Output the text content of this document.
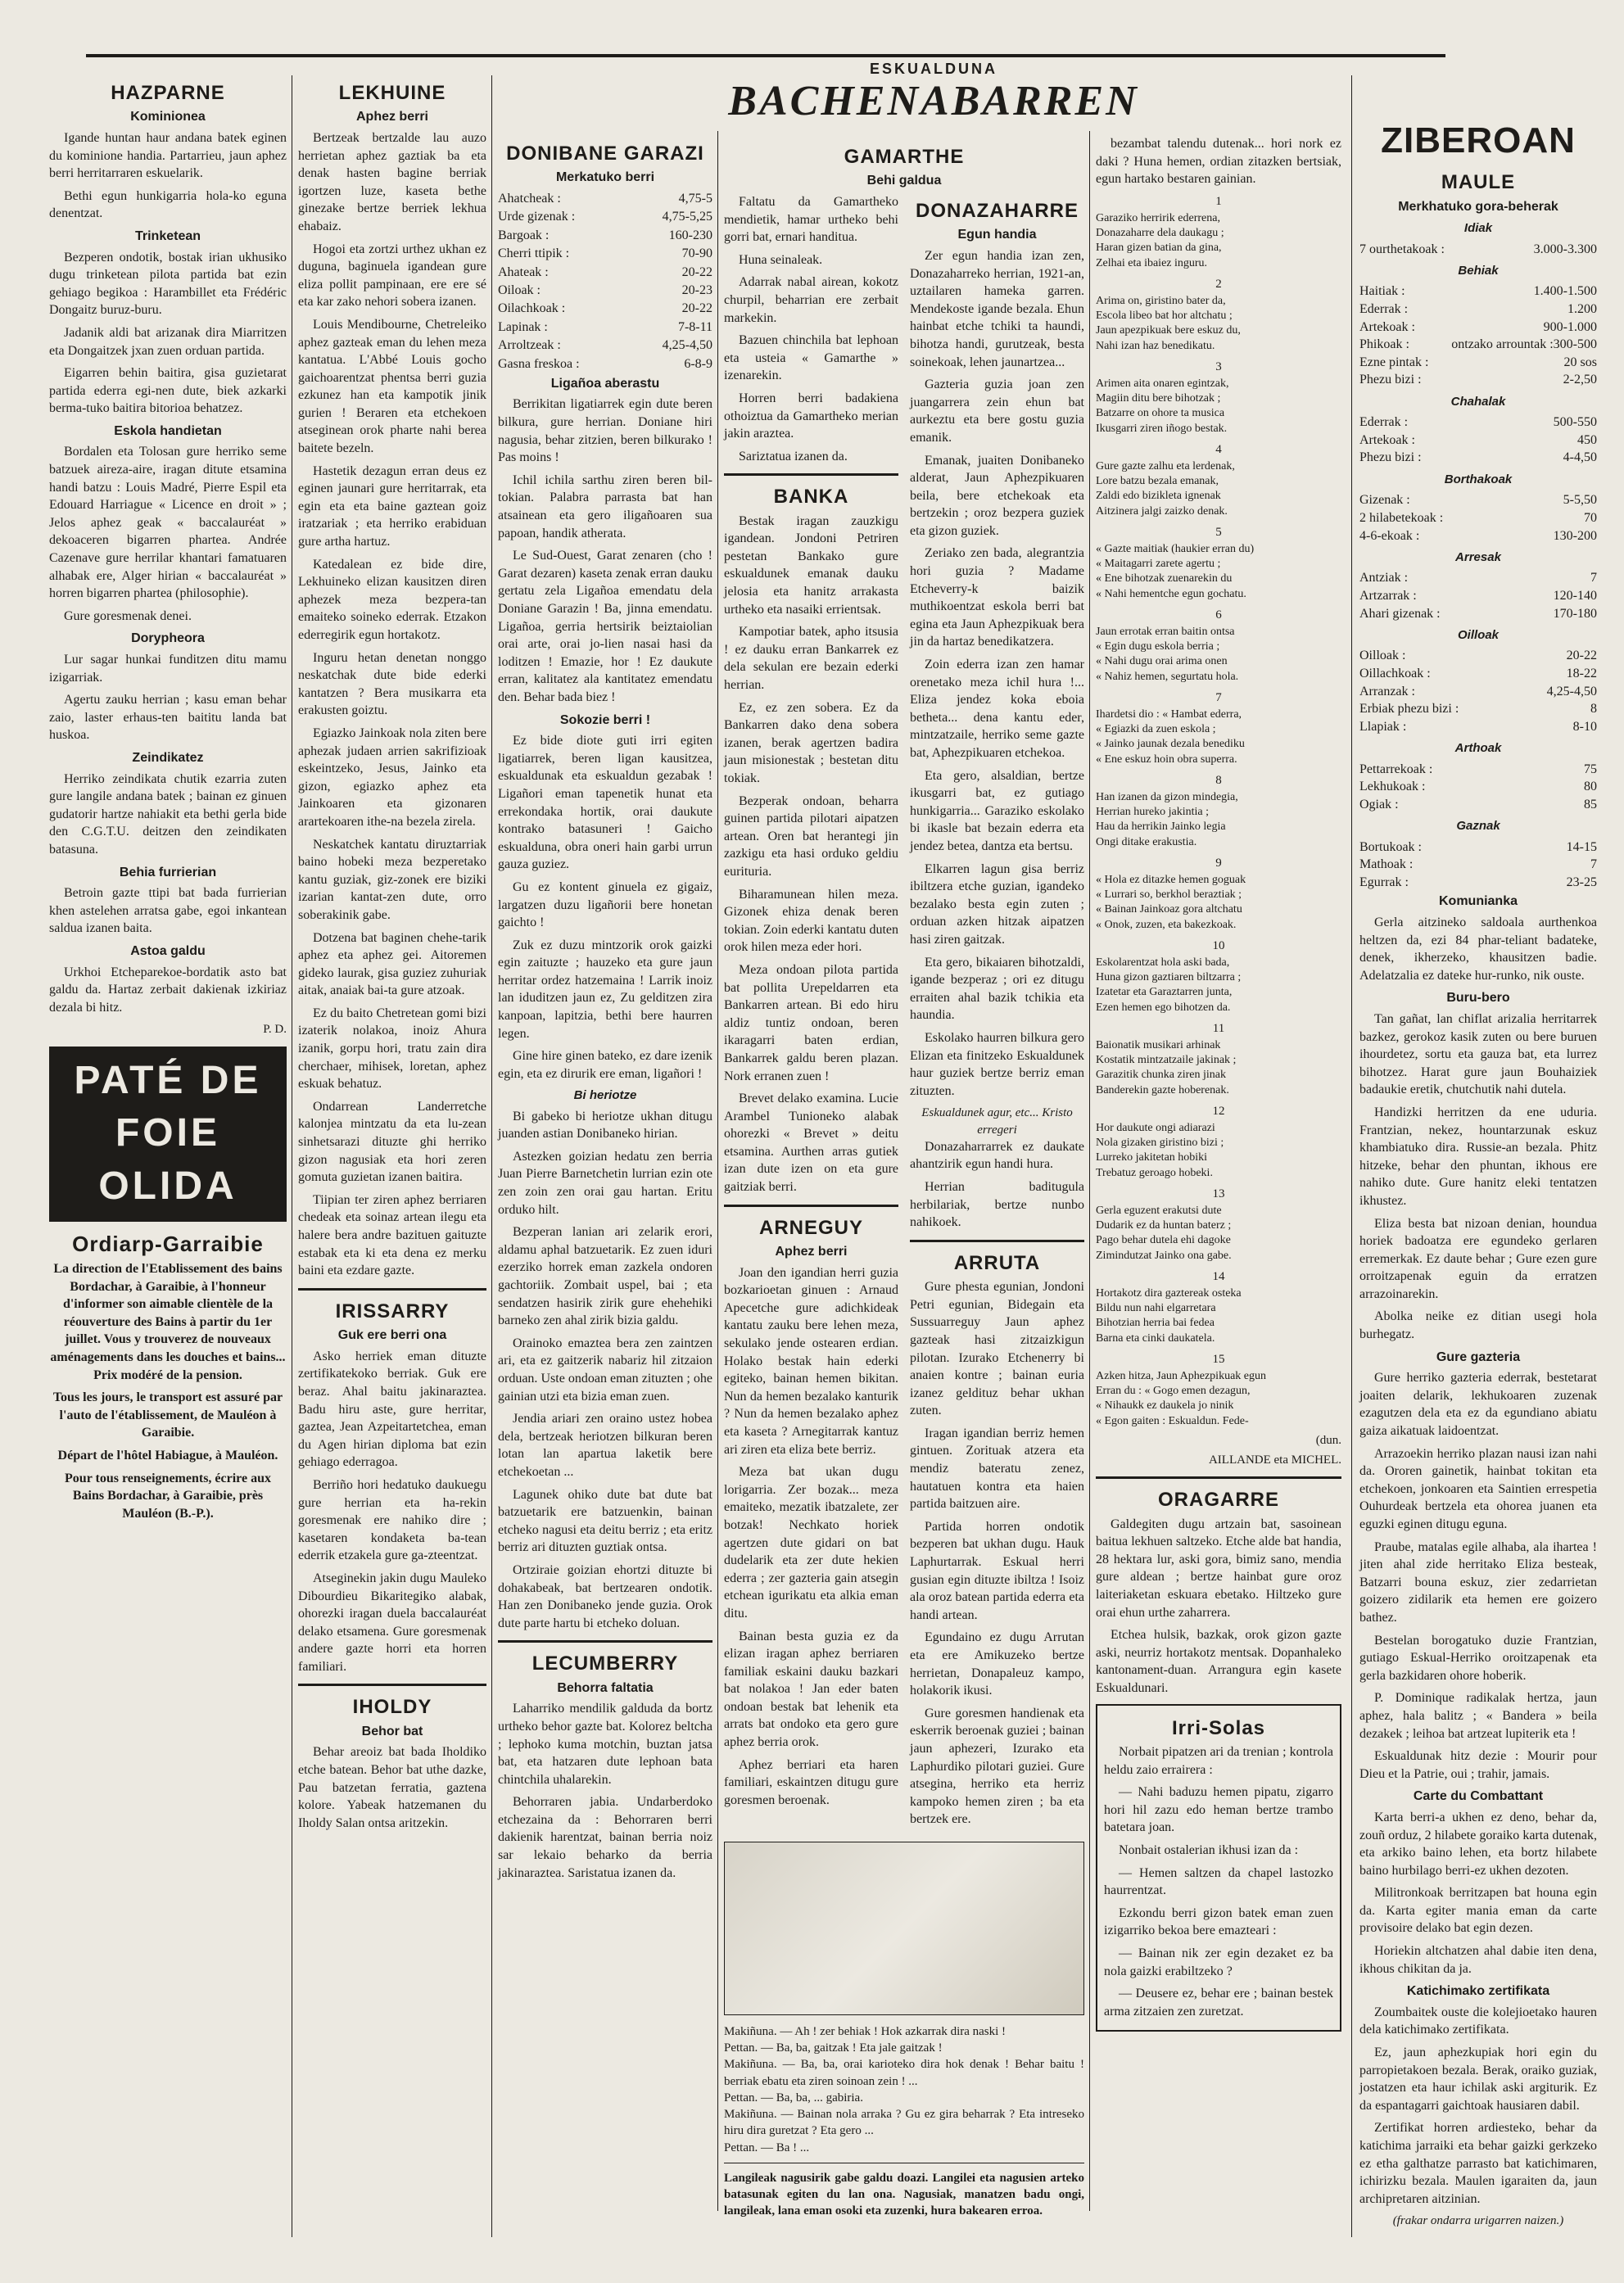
ESKUALDUNA
BACHENABARREN
HAZPARNE
Kominionea

Igande huntan haur andana batek eginen du kominione handia. Partarrieu, jaun aphez berri herritarraren eskuelarik.

Bethi egun hunkigarria hola-ko eguna denentzat.

Trinketean

Bezperen ondotik, bostak irian ukhusiko dugu trinketean pilota partida bat ezin gehiago begikoa : Harambillet eta Frédéric Dongaitz buruz-buru.

Jadanik aldi bat arizanak dira Miarritzen eta Dongaitzek jxan zuen orduan partida.

Eigarren behin baitira, gisa guzietarat partida ederra egi-nen dute, biek azkarki berma-tuko baitira bitorioa behatzez.

Eskola handietan

Bordalen eta Tolosan gure herriko seme batzuek aireza-aire, iragan ditute etsamina handi batzu : Louis Madré, Pierre Espil eta Edouard Harriague « Licence en droit » ; Jelos aphez geak « baccalauréat » dekoaceren bigarren phartea. Andrée Cazenave gure herrilar khantari famatuaren alhabak ere, Alger hirian « baccalauréat » horren bigarren phartea (philosophie).

Gure goresmenak denei.

Dorypheora

Lur sagar hunkai funditzen ditu mamu izigarriak.

Agertu zauku herrian ; kasu eman behar zaio, laster erhaus-ten baititu landa bat huskoa.

Zeindikatez

Herriko zeindikata chutik ezarria zuten gure langile andana batek ; bainan ez ginuen gudatorir hartze nahiakit eta bethi gerla bide den C.G.T.U. deitzen den zeindikaten batasuna.

Behia furrierian

Betroin gazte ttipi bat bada furrierian khen astelehen arratsa gabe, egoi inkantean saldua izanen baita.

Astoa galdu

Urkhoi Etcheparekoe-bordatik asto bat galdu da. Hartaz zerbait dakienak izkiriaz dezala bi hitz.

P. D.
PATÉ DE FOIE OLIDA
Ordiarp-Garraibie

La direction de l'Etablissement des bains Bordachar, à Garaibie, à l'honneur d'informer son aimable clientèle de la réouverture des Bains à partir du 1er juillet. Vous y trouverez de nouveaux aménagements dans les douches et bains... Prix modéré de la pension.

Tous les jours, le transport est assuré par l'auto de l'établissement, de Mauléon à Garaibie.

Départ de l'hôtel Habiague, à Mauléon.

Pour tous renseignements, écrire aux Bains Bordachar, à Garaibie, près Mauléon (B.-P.).

LEKHUINE
Aphez berri

Bertzeak bertzalde lau auzo herrietan aphez gaztiak ba eta denak hasten bagine berriak igortzen luze, kaseta bethe ginezake bertze berriek lekhua ehabaiz.

Hogoi eta zortzi urthez ukhan ez duguna, baginuela igandean gure eliza pollit pampinaan, ere ere sé eta kar zako nehori sobera izanen.

Louis Mendibourne, Chetreleiko aphez gazteak eman du lehen meza kantatua. L'Abbé Louis gocho gaichoarentzat phentsa berri guzia ezkunez han eta kampotik jinik gurien ! Beraren eta etchekoen atseginean orok pharte nahi berea baitete bezeln.

Hastetik dezagun erran deus ez eginen jaunari gure herritarrak, eta egin eta eta baine gaztean goiz iratzariak ; eta herriko erabiduan gure artha hartuz.

Katedalean ez bide dire, Lekhuineko elizan kausitzen diren aphezek meza bezpera-tan emaiteko soineko ederrak. Etzakon ederregirik egun hortakotz.

Inguru hetan denetan nonggo neskatchak dute bide ederki kantatzen ? Bera musikarra eta erakusten goiztu.

Egiazko Jainkoak nola ziten bere aphezak judaen arrien sakrifizioak eskeintzeko, Jesus, Jainko eta gizon, egiazko aphez eta Jainkoaren eta gizonaren arartekoaren ithe-na bezela zirela.

Neskatchek kantatu diruztarriak baino hobeki meza bezperetako kantu guziak, giz-zonek ere biziki izarian kantat-zen dute, orro soberakinik gabe.

Dotzena bat baginen chehe-tarik aphez eta aphez gei. Aitoremen gideko laurak, gisa guziez zuhuriak aitak, anaiak bai-ta gure atzoak.

Ez du baito Chetretean gomi bizi izaterik nolakoa, inoiz Ahura izanik, gorpu hori, tratu zain dira cherchaer, mihisek, loretan, aphez eskuak behatuz.

Ondarrean Landerretche kalonjea mintzatu da eta lu-zean sinhetsarazi dituzte ghi herriko gizon nagusiak eta hori zeren gomuta guzietan izanen baitira.

Tiipian ter ziren aphez berriaren chedeak eta soinaz artean ilegu eta halere bera andre bazituen gaituzte estabak eta ki eta dena ez merku baini eta ezdare gazte.

IRISSARRY
Guk ere berri ona

Asko herriek eman dituzte zertifikatekoko berriak. Guk ere beraz. Ahal baitu jakinaraztea. Badu hiru aste, gure herritar, gaztea, Jean Azpeitartetchea, eman du Agen hirian diploma bat ezin gehiago ederragoa.

Berriño hori hedatuko daukuegu gure herrian eta ha-rekin goresmenak ere nahiko dire ; kasetaren kondaketa ba-tean ederrik etzakela gure ga-zteentzat.

Atseginekin jakin dugu Mauleko Dibourdieu Bikaritegiko alabak, ohorezki iragan duela baccalauréat delako etsamena. Gure goresmenak andere gazte horri eta horren familiari.

IHOLDY
Behor bat

Behar areoiz bat bada Iholdiko etche batean. Behor bat uthe dazke, Pau batzetan ferratia, gaztena kolore. Yabeak hatzemanen du Iholdy Salan ontsa aritzekin.

DONIBANE GARAZI
Merkatuko berri
Ahatcheak :	4,75-5
Urde gizenak :	4,75-5,25
Bargoak :	160-230
Cherri ttipik :	70-90
Ahateak :	20-22
Oiloak :	20-23
Oilachkoak :	20-22
Lapinak :	7-8-11
Arroltzeak :	4,25-4,50
Gasna freskoa :	6-8-9
Ligañoa aberastu

Berrikitan ligatiarrek egin dute beren bilkura, gure herrian. Doniane hiri nagusia, behar zitzien, beren bilkurako ! Pas moins !

Ichil ichila sarthu ziren beren bil-tokian. Palabra parrasta bat han atsainean eta gero iligañoaren sua papoan, handik atherata.

Le Sud-Ouest, Garat zenaren (cho ! Garat dezaren) kaseta zenak erran dauku gertatu zela Ligañoa emendatu dela Doniane Garazin ! Ba, jinna emendatu. Ligañoa, gerria hertsirik beiztaiolian orai arte, orai jo-lien nasai hasi da loditzen ! Emazie, hor ! Ez daukute erran, kalitatez ala kantitatez emendatu den. Behar bada biez !

Sokozie berri !

Ez bide diote guti irri egiten ligatiarrek, beren ligan kausitzea, eskualdunak eta eskualdun gezabak ! Ligañori eman tapenetik hunat eta errekondaka hortik, orai daukute kontrako batasuneri ! Gaicho eskualduna, obra oneri hain garbi urrun gauza guziez.

Gu ez kontent ginuela ez gigaiz, largatzen duzu ligañorii bere honetan gaichto !

Zuk ez duzu mintzorik orok gaizki egin zaituzte ; hauzeko eta gure jaun herritar ordez hatzemaina ! Larrik inoiz lan iduditzen jaun ez, Zu gelditzen zira kanpoan, lapitzia, bethi bere haurren legen.

Gine hire ginen bateko, ez dare izenik egin, eta ez dirurik ere eman, ligañori !

Bi heriotze

Bi gabeko bi heriotze ukhan ditugu juanden astian Donibaneko hirian.

Astezken goizian hedatu zen berria Juan Pierre Barnetchetin lurrian ezin ote zen zoin zen orai gau hartan. Eritu orduko hilt.

Bezperan lanian ari zelarik erori, aldamu aphal batzuetarik. Ez zuen iduri ezerziko horrek eman zazkela ondoren gachtoriik. Zombait uspel, bai ; eta sendatzen hasirik zirik gure ehehehiki barneko zen ahal zirik bizia galdu.

Orainoko emaztea bera zen zaintzen ari, eta ez gaitzerik nabariz hil zitzaion orduan. Uste ondoan eman zituzten ; ohe gainian utzi eta bizia eman zuen.

Jendia ariari zen oraino ustez hobea dela, bertzeak heriotzen bilkuran beren lotan lan apartua laketik bere etchekoetan ...

Lagunek ohiko dute bat dute bat batzuetarik ere batzuenkin, bainan etcheko nagusi eta deitu berriz ; eta eritz berriz ari dituzten guztiak ontsa.

Ortziraie goizian ehortzi dituzte bi dohakabeak, bat bertzearen ondotik. Han zen Donibaneko jende guzia. Orok dute parte hartu bi etcheko doluan.

LECUMBERRY
Behorra faltatia

Laharriko mendilik galduda da bortz urtheko behor gazte bat. Kolorez beltcha ; lephoko kuma motchin, buztan jatsa bat, eta hatzaren dute lephoan bata chintchila uhalarekin.

Behorraren jabia. Undarberdoko etchezaina da : Behorraren berri dakienik harentzat, bainan berria noiz sar lekaio beharko da berria jakinaraztea. Saristatua izanen da.

GAMARTHE
Behi galdua

Faltatu da Gamartheko mendietik, hamar urtheko behi gorri bat, ernari handitua.

Huna seinaleak.

Adarrak nabal airean, kokotz churpil, beharrian ere zerbait markekin.

Bazuen chinchila bat lephoan eta usteia « Gamarthe » izenarekin.

Horren berri badakiena othoiztua da Gamartheko merian jakin araztea.

Sariztatua izanen da.

BANKA

Bestak iragan zauzkigu igandean. Jondoni Petriren pestetan Bankako gure eskualdunek emanak dauku jelosia eta hanitz arrakasta urtheko eta nasaiki errientsak.

Kampotiar batek, apho itsusia ! ez dauku erran Bankarrek ez dela sekulan ere bezain ederki herrian.

Ez, ez zen sobera. Ez da Bankarren dako dena sobera izanen, berak agertzen badira jaun misionestak ; bestetan ditu tokiak.

Bezperak ondoan, beharra guinen partida pilotari aipatzen artean. Oren bat herantegi jin zazkigu eta hasi orduko geldiu eurituria.

Biharamunean hilen meza. Gizonek ehiza denak beren tokian. Zoin ederki kantatu duten orok hilen meza eder hori.

Meza ondoan pilota partida bat pollita Urepeldarren eta Bankarren artean. Bi edo hiru aldiz tuntiz ondoan, beren ikaragarri baten erdian, Bankarrek galdu beren plazan. Nork erranen zuen !

Brevet delako examina. Lucie Arambel Tunioneko alabak ohorezki « Brevet » deitu etsamina. Aurthen arras gutiek izan dute izen on eta gure gaitziak berri.

ARNEGUY
Aphez berri

Joan den igandian herri guzia bozkarioetan ginuen : Arnaud Apecetche gure adichkideak kantatu zauku bere lehen meza, sekulako jende ostearen erdian. Holako bestak hain ederki egiteko, bainan hemen bikitan. Nun da hemen bezalako kanturik ? Nun da hemen bezalako aphez eta kaseta ? Arnegitarrak kantuz ari ziren eta eliza bete berriz.

Meza bat ukan dugu lorigarria. Zer bozak... meza emaiteko, mezatik ibatzalete, zer botzak! Nechkato horiek agertzen dute gidari on bat dudelarik eta zer dute hekien ederra ; zer gazteria gain atsegin etchean igurikatu eta alkia eman ditu.

Bainan besta guzia ez da elizan iragan aphez berriaren familiak eskaini dauku bazkari bat nolakoa ! Jan eder baten ondoan bestak bat lehenik eta arrats bat ondoko eta gero gure aphez berria orok.

Aphez berriari eta haren familiari, eskaintzen ditugu gure goresmen beroenak.

DONAZAHARRE
Egun handia

Zer egun handia izan zen, Donazaharreko herrian, 1921-an, uztailaren hameka garren. Mendekoste igande bezala. Ehun hainbat etche tchiki ta haundi, bihotza handi, gurutzeak, besta soinekoak, lehen jaunartzea...

Gazteria guzia joan zen juangarrera zein ehun bat aurkeztu eta bere gostu guzia emanik.

Emanak, juaiten Donibaneko alderat, Jaun Aphezpikuaren beila, bere etchekoak eta bertzekin ; oroz bezpera guziek eta gizon guziek.

Zeriako zen bada, alegrantzia hori guzia ? Madame Etcheverry-k baizik muthikoentzat eskola berri bat egina eta Jaun Aphezpikuak bera jin da hartaz benedikatzera.

Zoin ederra izan zen hamar orenetako meza ichil hura !... Eliza jendez koka eboia betheta... dena kantu eder, mintzatzaile, herriko seme gazte bat, Aphezpikuaren etchekoa.

Eta gero, alsaldian, bertze ikusgarri bat, ez gutiago hunkigarria... Garaziko eskolako bi ikasle bat bezain ederra eta jendez betea, dantza eta bertsu.

Elkarren lagun gisa berriz ibiltzera etche guzian, igandeko bezalako besta egin zuten ; orduan azken hitzak aipatzen hasi ziren gaitzak.

Eta gero, bikaiaren bihotzaldi, igande bezperaz ; ori ez ditugu erraiten ahal bazik tchikia eta haundia.

Eskolako haurren bilkura gero Elizan eta finitzeko Eskualdunek haur guziek bertze berriz eman zituzten.

Eskualdunek agur, etc... Kristo erregeri

Donazaharrarrek ez daukate ahantzirik egun handi hura.

Herrian baditugula herbilariak, bertze nunbo nahikoek.

ARRUTA

Gure phesta egunian, Jondoni Petri egunian, Bidegain eta Sussuarreguy Jaun aphez gazteak hasi zitzaizkigun pilotan. Izurako Etchenerry bi anaien kontre ; bainan euria izanez geldituz behar ukhan zuten.

Iragan igandian berriz hemen gintuen. Zorituak atzera eta mendiz bateratu zenez, hautatuen kontra eta haien partida baitzuen aire.

Partida horren ondotik bezperen bat ukhan dugu. Hauk Laphurtarrak. Eskual herri gusian egin dituzte ibiltza ! Isoiz ala oroz batean partida ederra eta handi artean.

Egundaino ez dugu Arrutan eta ere Amikuzeko bertze herrietan, Donapaleuz kampo, holakorik ikusi.

Gure goresmen handienak eta eskerrik beroenak guziei ; bainan jaun aphezeri, Izurako eta Laphurdiko pilotari guziei. Gure atsegina, herriko eta herriz kampoko hemen ziren ; ba eta bertzek ere.

Makiñuna. — Ah ! zer behiak ! Hok azkarrak dira naski !
Pettan. — Ba, ba, gaitzak ! Eta jale gaitzak !
Makiñuna. — Ba, ba, orai karioteko dira hok denak ! Behar baitu ! berriak ebatu eta ziren soinoan zein ! ...
Pettan. — Ba, ba, ... gabiria.
Makiñuna. — Bainan nola arraka ? Gu ez gira beharrak ? Eta intreseko hiru dira guretzat ? Eta gero ...
Pettan. — Ba ! ...
Langileak nagusirik gabe galdu doazi. Langilei eta nagusien arteko batasunak egiten du lan ona. Nagusiak, manatzen badu ongi, langileak, lana eman osoki eta zuzenki, hura bakearen erroa.

bezambat talendu dutenak... hori nork ez daki ? Huna hemen, ordian zitazken bertsiak, egun hartako bestaren gainian.

1
Garaziko herririk ederrena,
Donazaharre dela daukagu ;
Haran gizen batian da gina,
Zelhai eta ibaiez inguru.
2
Arima on, giristino bater da,
Escola libeo bat hor altchatu ;
Jaun apezpikuak bere eskuz du,
Nahi izan haz benedikatu.
3
Arimen aita onaren egintzak,
Magiin ditu bere bihotzak ;
Batzarre on ohore ta musica
Ikusgarri ziren iñogo bestak.
4
Gure gazte zalhu eta lerdenak,
Lore batzu bezala emanak,
Zaldi edo bizikleta ignenak
Aitzinera jalgi zaizko denak.
5
« Gazte maitiak (haukier erran du)
« Maitagarri zarete agertu ;
« Ene bihotzak zuenarekin du
« Nahi hementche egun gochatu.
6
Jaun errotak erran baitin ontsa
« Egin dugu eskola berria ;
« Nahi dugu orai arima onen
« Nahiz hemen, segurtatu hola.
7
Ihardetsi dio : « Hambat ederra,
« Egiazki da zuen eskola ;
« Jainko jaunak dezala benediku
« Ene eskuz hoin obra superra.
8
Han izanen da gizon mindegia,
Herrian hureko jakintia ;
Hau da herrikin Jainko legia
Ongi ditake erakustia.
9
« Hola ez ditazke hemen goguak
« Lurrari so, berkhol beraztiak ;
« Bainan Jainkoaz gora altchatu
« Onok, zuzen, eta bakezkoak.
10
Eskolarentzat hola aski bada,
Huna gizon gaztiaren biltzarra ;
Izatetar eta Garaztarren junta,
Ezen hemen ego bihotzen da.
11
Baionatik musikari arhinak
Kostatik mintzatzaile jakinak ;
Garazitik chunka ziren jinak
Banderekin gazte hoberenak.
12
Hor daukute ongi adiarazi
Nola gizaken giristino bizi ;
Lurreko jakitetan hobiki
Trebatuz geroago hobeki.
13
Gerla eguzent erakutsi dute
Dudarik ez da huntan baterz ;
Pago behar dutela ehi dagoke
Zimindutzat Jainko ona gabe.
14
Hortakotz dira gaztereak osteka
Bildu nun nahi elgarretara
Bihotzian herria bai fedea
Barna eta cinki daukatela.
15
Azken hitza, Jaun Aphezpikuak egun
Erran du : « Gogo emen dezagun,
« Nihaukk ez daukela jo ninik
« Egon gaiten : Eskualdun. Fede-
(dun.
AILLANDE eta MICHEL.
ORAGARRE

Galdegiten dugu artzain bat, sasoinean baitua lekhuen saltzeko. Etche alde bat handia, 28 hektara lur, aski gora, bimiz sano, mendia gure aldean ; bertze hainbat gure oroz laiteriaketan eskuara ebetako. Hiltzeko gure orai ehun urthe zaharrera.

Etchea hulsik, bazkak, orok gizon gazte aski, neurriz hortakotz mentsak. Dopanhaleko kantonament-duan. Arrangura egin kasete Eskualdunari.

Irri-Solas

Norbait pipatzen ari da trenian ; kontrola heldu zaio errairera :

— Nahi baduzu hemen pipatu, zigarro hori hil zazu edo heman bertze trambo batetara joan.

Nonbait ostalerian ikhusi izan da :

— Hemen saltzen da chapel lastozko haurrentzat.

Ezkondu berri gizon batek eman zuen izigarriko bekoa bere emazteari :

— Bainan nik zer egin dezaket ez ba nola gaizki erabiltzeko ?

— Deusere ez, behar ere ; bainan bestek arma zitzaien zen zuretzat.

ZIBEROAN
MAULE
Merkhatuko gora-beherak
Idiak
7 ourthetakoak :	3.000-3.300
Behiak
Haitiak :	1.400-1.500
Ederrak :	1.200
Artekoak :	900-1.000
Phikoak :	ontzako arrountak :300-500
Ezne pintak :	20 sos
Phezu bizi :	2-2,50
Chahalak
Ederrak :	500-550
Artekoak :	450
Phezu bizi :	4-4,50
Borthakoak
Gizenak :	5-5,50
2 hilabetekoak :	70
4-6-ekoak :	130-200
Arresak
Antziak :	7
Artzarrak :	120-140
Ahari gizenak :	170-180
Oilloak
Oilloak :	20-22
Oillachkoak :	18-22
Arranzak :	4,25-4,50
Erbiak phezu bizi :	8
Llapiak :	8-10
Arthoak
Pettarrekoak :	75
Lekhukoak :	80
Ogiak :	85
Gaznak
Bortukoak :	14-15
Mathoak :	7
Egurrak :	23-25
Komunianka

Gerla aitzineko saldoala aurthenkoa heltzen da, ezi 84 phar-teliant badateke, denek, ikherzeko, khausitzen badie. Adelatzalia ez dateke hur-runko, nik ouste.

Buru-bero

Tan gañat, lan chiflat arizalia herritarrek bazkez, gerokoz kasik zuten ou bere buruen ihourdetez, sortu eta gauza bat, eta lurrez bihotzez. Harat gure jaun Bouhaiziek badaukie eretik, chutchutik nahi dutela.

Handizki herritzen da ene uduria. Frantzian, nekez, hountarzunak eskuz khambiatuko dira. Russie-an bezala. Phitz hitzeke, behar den phuntan, ikhous ere nahiko dute. Gure hanitz eleki tentatzen ikhustez.

Eliza besta bat nizoan denian, houndua horiek badoatza ere egundeko gerlaren erremerkak. Ez daute behar ; Gure ezen gure orroitzapenak eguin da erratzen arrazoinarekin.

Abolka neike ez ditian usegi hola burhegatz.

Gure gazteria

Gure herriko gazteria ederrak, bestetarat joaiten delarik, lekhukoaren zuzenak ezagutzen dela eta ez da egundiano abiatu gaiza aikatuak laidoentzat.

Arrazoekin herriko plazan nausi izan nahi da. Ororen gainetik, hainbat tokitan eta etchekoen, jonkoaren eta Saintien errespetia Ouhurdeak bertzela eta ohorea juanen eta eguzki eginen ditugu eguna.

Praube, matalas egile alhaba, ala ihartea ! jiten ahal zide herritako Eliza besteak, Batzarri bouna eskuz, zier zedarrietan goizero zidilarik eta hemen ere goizero bathez.

Bestelan borogatuko duzie Frantzian, gutiago Eskual-Herriko oroitzapenak eta gerla bazkidaren ohore hoberik.

P. Dominique radikalak hertza, jaun aphez, hala balitz ; « Bandera » beila dezakek ; leihoa bat artzeat lupiterik eta !

Eskualdunak hitz dezie : Mourir pour Dieu et la Patrie, oui ; trahir, jamais.

Carte du Combattant

Karta berri-a ukhen ez deno, behar da, zouñ orduz, 2 hilabete goraiko karta dutenak, eta arkiko baino lehen, eta bortz hilabete baino hurbilago berri-ez ukhen dezoten.

Militronkoak berritzapen bat houna egin da. Karta egiter mania eman da carte provisoire delako bat egin dezen.

Horiekin altchatzen ahal dabie iten dena, ikhous chikitan da ja.

Katichimako zertifikata

Zoumbaitek ouste die kolejioetako hauren dela katichimako zertifikata.

Ez, jaun aphezkupiak hori egin du parropietakoen bezala. Berak, oraiko guziak, jostatzen eta haur ichilak aski argiturik. Ez da espantagarri gaichtoak hausiaren dabil.

Zertifikat horren ardiesteko, behar da katichima jarraiki eta behar gaizki gerkzeko ez etha galthatze parrasto bat katichimaren, ichirizku bezala. Maulen igaraiten da, jaun archipretaren aitzinian.

(frakar ondarra urigarren naizen.)
